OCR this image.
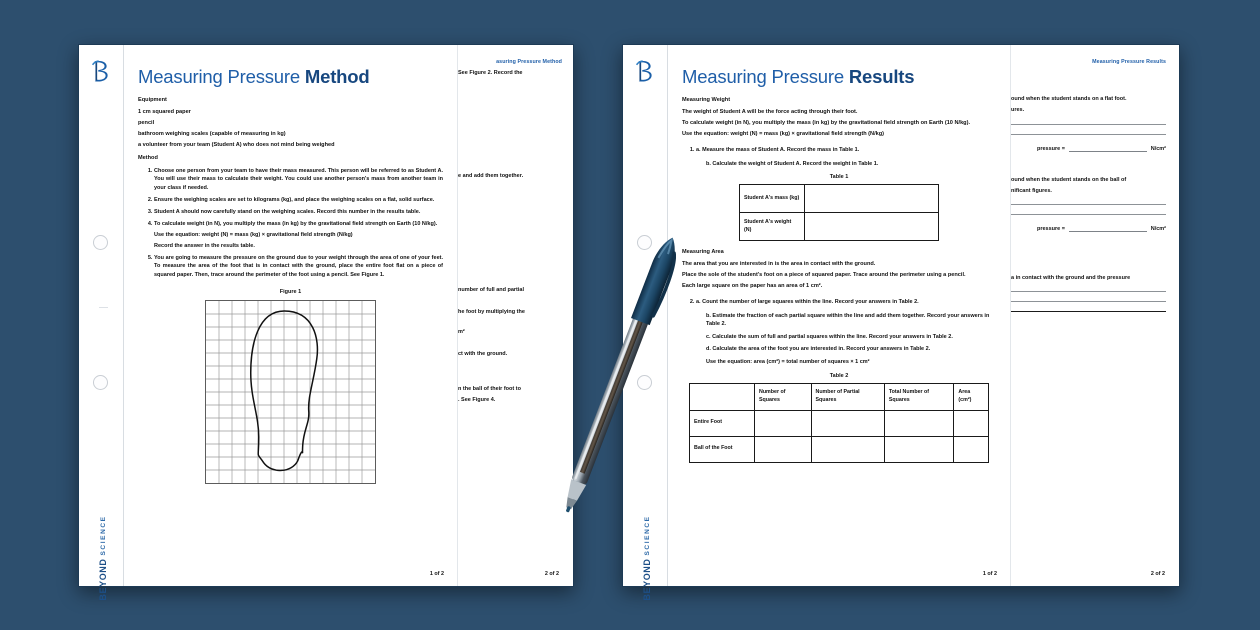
BEYOND
SCIENCE
Measuring Pressure Method
Equipment

1 cm squared paper

pencil

bathroom weighing scales (capable of measuring in kg)

a volunteer from your team (Student A) who does not mind being weighed

Method
1. Choose one person from your team to have their mass measured. This person will be referred to as Student A. You will use their mass to calculate their weight. You could use another person's mass from another team in your class if needed.
2. Ensure the weighing scales are set to kilograms (kg), and place the weighing scales on a flat, solid surface.
3. Student A should now carefully stand on the weighing scales. Record this number in the results table.
4. To calculate weight (in N), you multiply the mass (in kg) by the gravitational field strength on Earth (10 N/kg).
Use the equation: weight (N) = mass (kg) × gravitational field strength (N/kg)
Record the answer in the results table.
5. You are going to measure the pressure on the ground due to your weight through the area of one of your feet. To measure the area of the foot that is in contact with the ground, place the entire foot flat on a piece of squared paper. Then, trace around the perimeter of the foot using a pencil. See Figure 1.
Figure 1
1 of 2
asuring Pressure Method
See Figure 2. Record the
e and add them together.
number of full and partial
he foot by multiplying the
m²
ct with the ground.
n the ball of their foot to
. See Figure 4.
2 of 2	BEYOND
SCIENCE
Measuring Pressure Results
Measuring Weight

The weight of Student A will be the force acting through their foot.

To calculate weight (in N), you multiply the mass (in kg) by the gravitational field strength on Earth (10 N/kg).

Use the equation: weight (N) = mass (kg) × gravitational field strength (N/kg)

1. a. Measure the mass of Student A. Record the mass in Table 1.
b. Calculate the weight of Student A. Record the weight in Table 1.
Table 1
Student A's mass (kg)	
Student A's weight (N)	
Measuring Area

The area that you are interested in is the area in contact with the ground.

Place the sole of the student's foot on a piece of squared paper. Trace around the perimeter using a pencil.

Each large square on the paper has an area of 1 cm².

2. a. Count the number of large squares within the line. Record your answers in Table 2.
b. Estimate the fraction of each partial square within the line and add them together. Record your answers in Table 2.
c. Calculate the sum of full and partial squares within the line. Record your answers in Table 2.
d. Calculate the area of the foot you are interested in. Record your answers in Table 2.
Use the equation: area (cm²) = total number of squares × 1 cm²
Table 2
	Number of Squares	Number of Partial Squares	Total Number of Squares	Area (cm²)
Entire Foot				
Ball of the Foot				
1 of 2
Measuring Pressure Results
ound when the student stands on a flat foot.
ures.
pressure =	N/cm²
ound when the student stands on the ball of
nificant figures.
pressure =	N/cm²
a in contact with the ground and the pressure
2 of 2
